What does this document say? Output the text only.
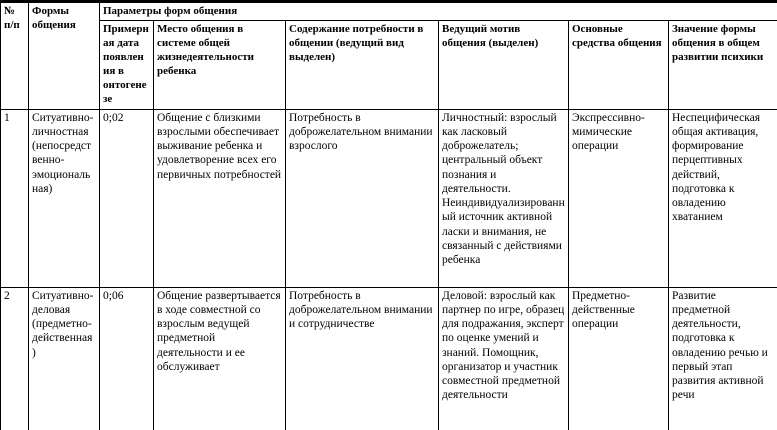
№ п/п	Формы общения	Параметры форм общения					
		Примерная дата появления в онтогенезе	Место общения в системе общей жизнедеятельности ребенка	Содержание потребности в общении (ведущий вид выделен)	Ведущий мотив общения (выделен)	Основные средства общения	Значение формы общения в общем развитии психики
1	Ситуативно-личностная (непосредственно-эмоциональная)	0;02	Общение с близкими взрослыми обеспечивает выживание ребенка и удовлетворение всех его первичных потребностей	Потребность в доброжелательном внимании взрослого	Личностный: взрослый как ласковый доброжелатель; центральный объект познания и деятельности. Неиндивидуализированный источник активной ласки и внимания, не связанный с действиями ребенка	Экспрессивно-мимические операции	Неспецифическая общая активация, формирование перцептивных действий, подготовка к овладению хватанием
2	Ситуативно-деловая (предметно-действенная)	0;06	Общение развертывается в ходе совместной со взрослым ведущей предметной деятельности и ее обслуживает	Потребность в доброжелательном внимании и сотрудничестве	Деловой: взрослый как партнер по игре, образец для подражания, эксперт по оценке умений и знаний. Помощник, организатор и участник совместной предметной деятельности	Предметно-действенные операции	Развитие предметной деятельности, подготовка к овладению речью и первый этап развития активной речи
